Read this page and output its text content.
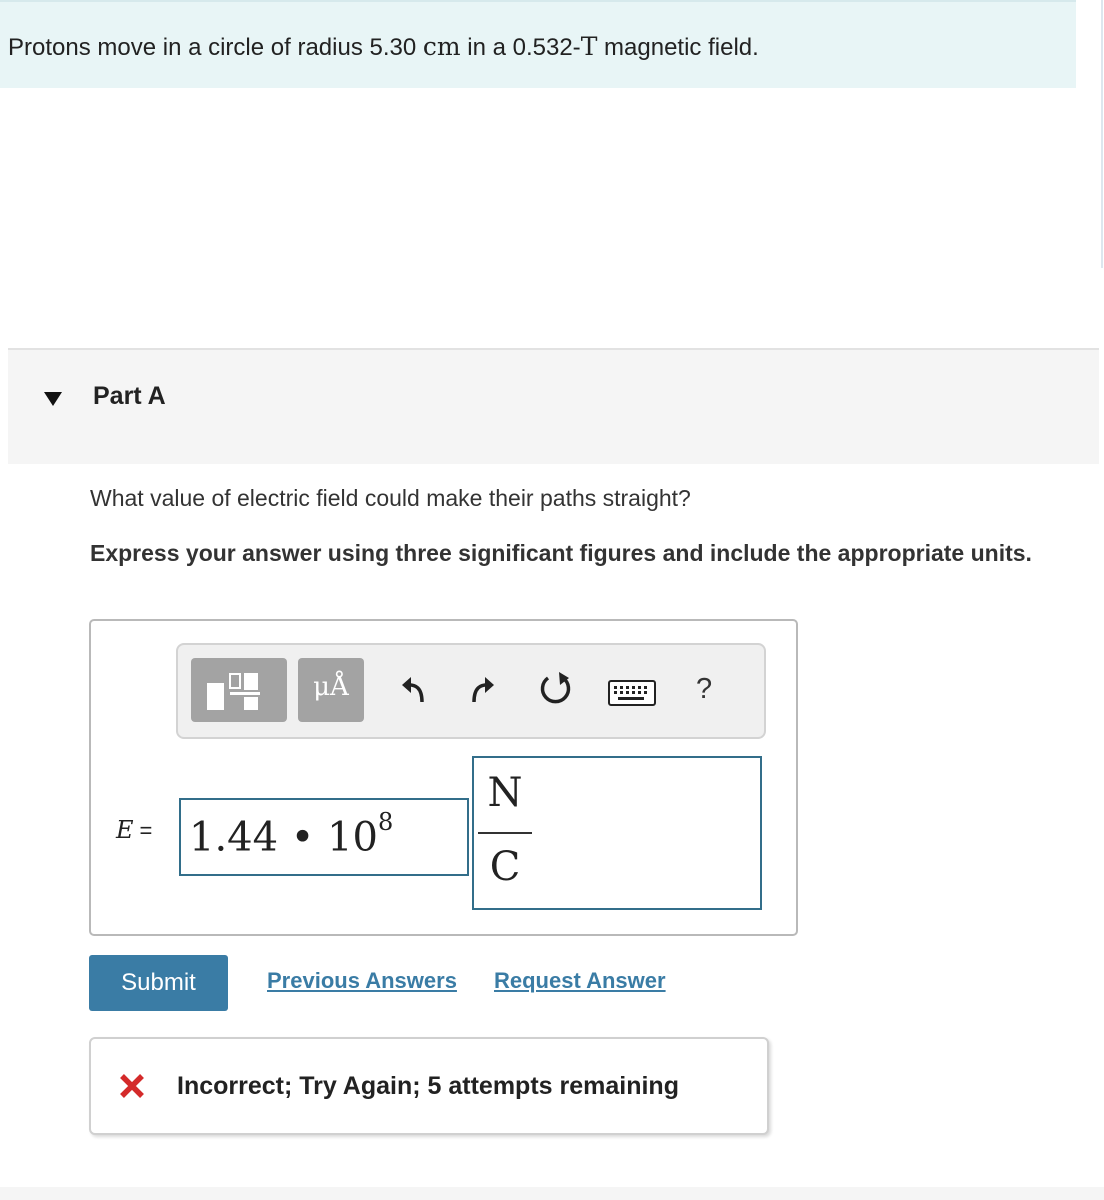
Protons move in a circle of radius 5.30 cm in a 0.532-T magnetic field.
Part A
What value of electric field could make their paths straight?
Express your answer using three significant figures and include the appropriate units.
μÅ	?
E = 1.44 • $10^8$
N
C
Submit	Previous Answers Request Answer
Incorrect; Try Again; 5 attempts remaining
